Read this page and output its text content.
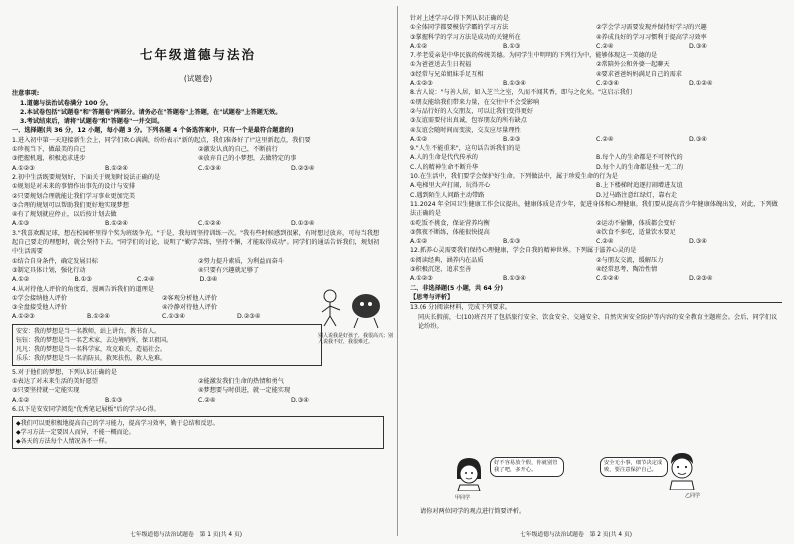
七年级道德与法治
(试题卷)
注意事项:
1.道德与法治试卷满分 100 分。
2.本试卷包括"试题卷"和"答题卷"两部分。请务必在"答题卷"上答题，在"试题卷"上答题无效。
3.考试结束后，请将"试题卷"和"答题卷"一并交回。
一、选择题(共 36 分，12 小题，每小题 3 分。下列各题 4 个备选答案中，只有一个是最符合题意的)
1.进入初中第一天迎接新生会上，同学们欢心满满，纷纷表示"新的起点，我们准备好了!"这里新起点，我们要
①珍视当下，做最美的自己	②激发认真的自己，不断前行
③把握机遇，积极追求进步	④放弃自己的小梦想，去做特定的事
A.①②③	B.①②④	C.①③④	D.②③④
2.初中生活既要规划好，下面关于规划时说法正确的是
①规划是对未来的事情作出事先的设计与安排
②只要规划合理就能让我们学习事业更加完美
③合理的规划可以帮助我们更好地实现梦想
④有了规划就应停止，以后按计划去做
A.①③	B.①②④	C.①②④	D.①③④
3."我喜欢踢足球，想在校园杯里得个奖为班级争光。"于是，我每周坚持训练一次。"我有些时候感到很累，有时想过放弃，可每当我想起自己要走的理想时，就会坚持下去。"同学们的讨论，说明了"勤学苦练，坚持不懈，才能取得成功"。同学们的通话告诉我们，规划初中生活需要
①结合自身条件，确定发展目标	②努力提升素质，为利益而奋斗
③制定具体计划，强化行动	④只要有兴趣就足够了
A.①②	B.①③	C.②④	D.③④
4.从对待他人评价的角度看，漫画告诉我们的道理是
①学会接纳他人评价	②客观分析他人评价
③全盘接受他人评价	④冷静对待他人评价
A.①②③	B.①②④	C.①③④	D.②③④
安安：我的梦想是当一名教师，站上讲台，教书育人。
钰钰：我的梦想是当一名艺术家，去边境哨所，保卫祖国。
凡凡：我的梦想是当一名科学家，攻克难关，造福社会。
乐乐：我的梦想是当一名消防员，救死扶伤，救人危难。
5.对于他们的梦想，下列认识正确的是
①表达了对未来生活的美好愿望	②能激发我们生命的热情和勇气
③只要坚持就一定能实现	④梦想要与时俱进，就一定能实现
A.①②	B.①③	C.②④	D.③④
6.以下是安安同学阅览"优秀笔记展板"后的学习心得。
◆我们可以更积极地提高自己的学习能力，提高学习效率，勤于总结和反思。
◆学习方法一定要因人而异，不能一概而论。
◆各天的方法每个人情况各不一样。
别人说我是好孩子，我很高兴；别人说我不好，我很难过。
针对上述学习心得下列认识正确的是
①全体同学都要模仿学霸的学习方法	②学会学习需要发现并保持好学习的兴趣
③掌握科学的学习方法是成功的关键所在	④养成良好的学习习惯利于提高学习效率
A.①②	B.①③	C.②④	D.③④
7.孝老爱亲是中华民族的传统美德。为同学生中明明的下列行为中，能够体现这一美德的是
①为爸爸送去生日祝福	②常陪外公和外婆一起聊天
③经常与兄弟姐妹手足互相	④要求爸爸妈妈满足自己的需求
A.①②③	B.①③④	C.②③④	D.①②④
8.古人说："与善人居，如入芝兰之室，久而不闻其香，即与之化矣。"这启示我们
①朋友能给我们带来力量，在交往中不会受影响
②与品行好的人交朋友，可以让我们变得更好
③友谊需要付出真诚，包容朋友的所有缺点
④友谊会随时间而变淡，交友应尽量理性
A.①②	B.②③	C.②④	D.③④
9."人生不能重来"，这句话告诉我们的是
A.人的生命是代代传承的	B.每个人的生命都是不可替代的
C.人的精神生命不断升华	D.每个人的生命都是独一无二的
10.在生活中，我们要学会保护好生命。下列做法中，属于珍爱生命的行为是
A.电梯里大声打闹，玩得开心	B.上下楼梯时追逐打闹增进友谊
C.遇到陌生人问路主动带路	D.过马路注意红绿灯，靠右走
11.2024 年全国卫生健康工作会议提出，健康体质是青少年，促进身体和心理健康。我们要从提高青少年健康体魄出发，对此，下列做法正确的是
①吃饭不挑食，保证营养均衡	②运动不偷懒，体质都会变好
③熬夜不断练，体能很快提高	④饮食不多吃，适量饮水要足
A.①②	B.①③	C.②④	D.③④
12.抓养心灵需要我们保持心理健康，学会自我的精神世界。下列属于滋养心灵的是
①阅读经典，涵养内在品质	②与朋友交流，缓解压力
③积极沉迷，追求至善	④经常思考，陶冶性情
A.①②③	B.①③④	C.①②④	D.②③④
二、非选择题(5 小题，共 64 分)
【思考与评析】
13.(6 分)阅读材料，完成下列要求。
同庆长假前，七(10)班召开了包括旅行安全、饮食安全、交通安全、自然灾害安全防护等内容的安全教育主题班会。会后，同学们议论纷纷。
好不容易放个假，你就别管我了吧，多开心。
甲同学
安全无小事，细节决定成败，要注意保护自己。
乙同学
请你对两位同学的观点进行简要评析。
七年级道德与法治试题卷　第 1 页(共 4 页)	七年级道德与法治试题卷　第 2 页(共 4 页)
